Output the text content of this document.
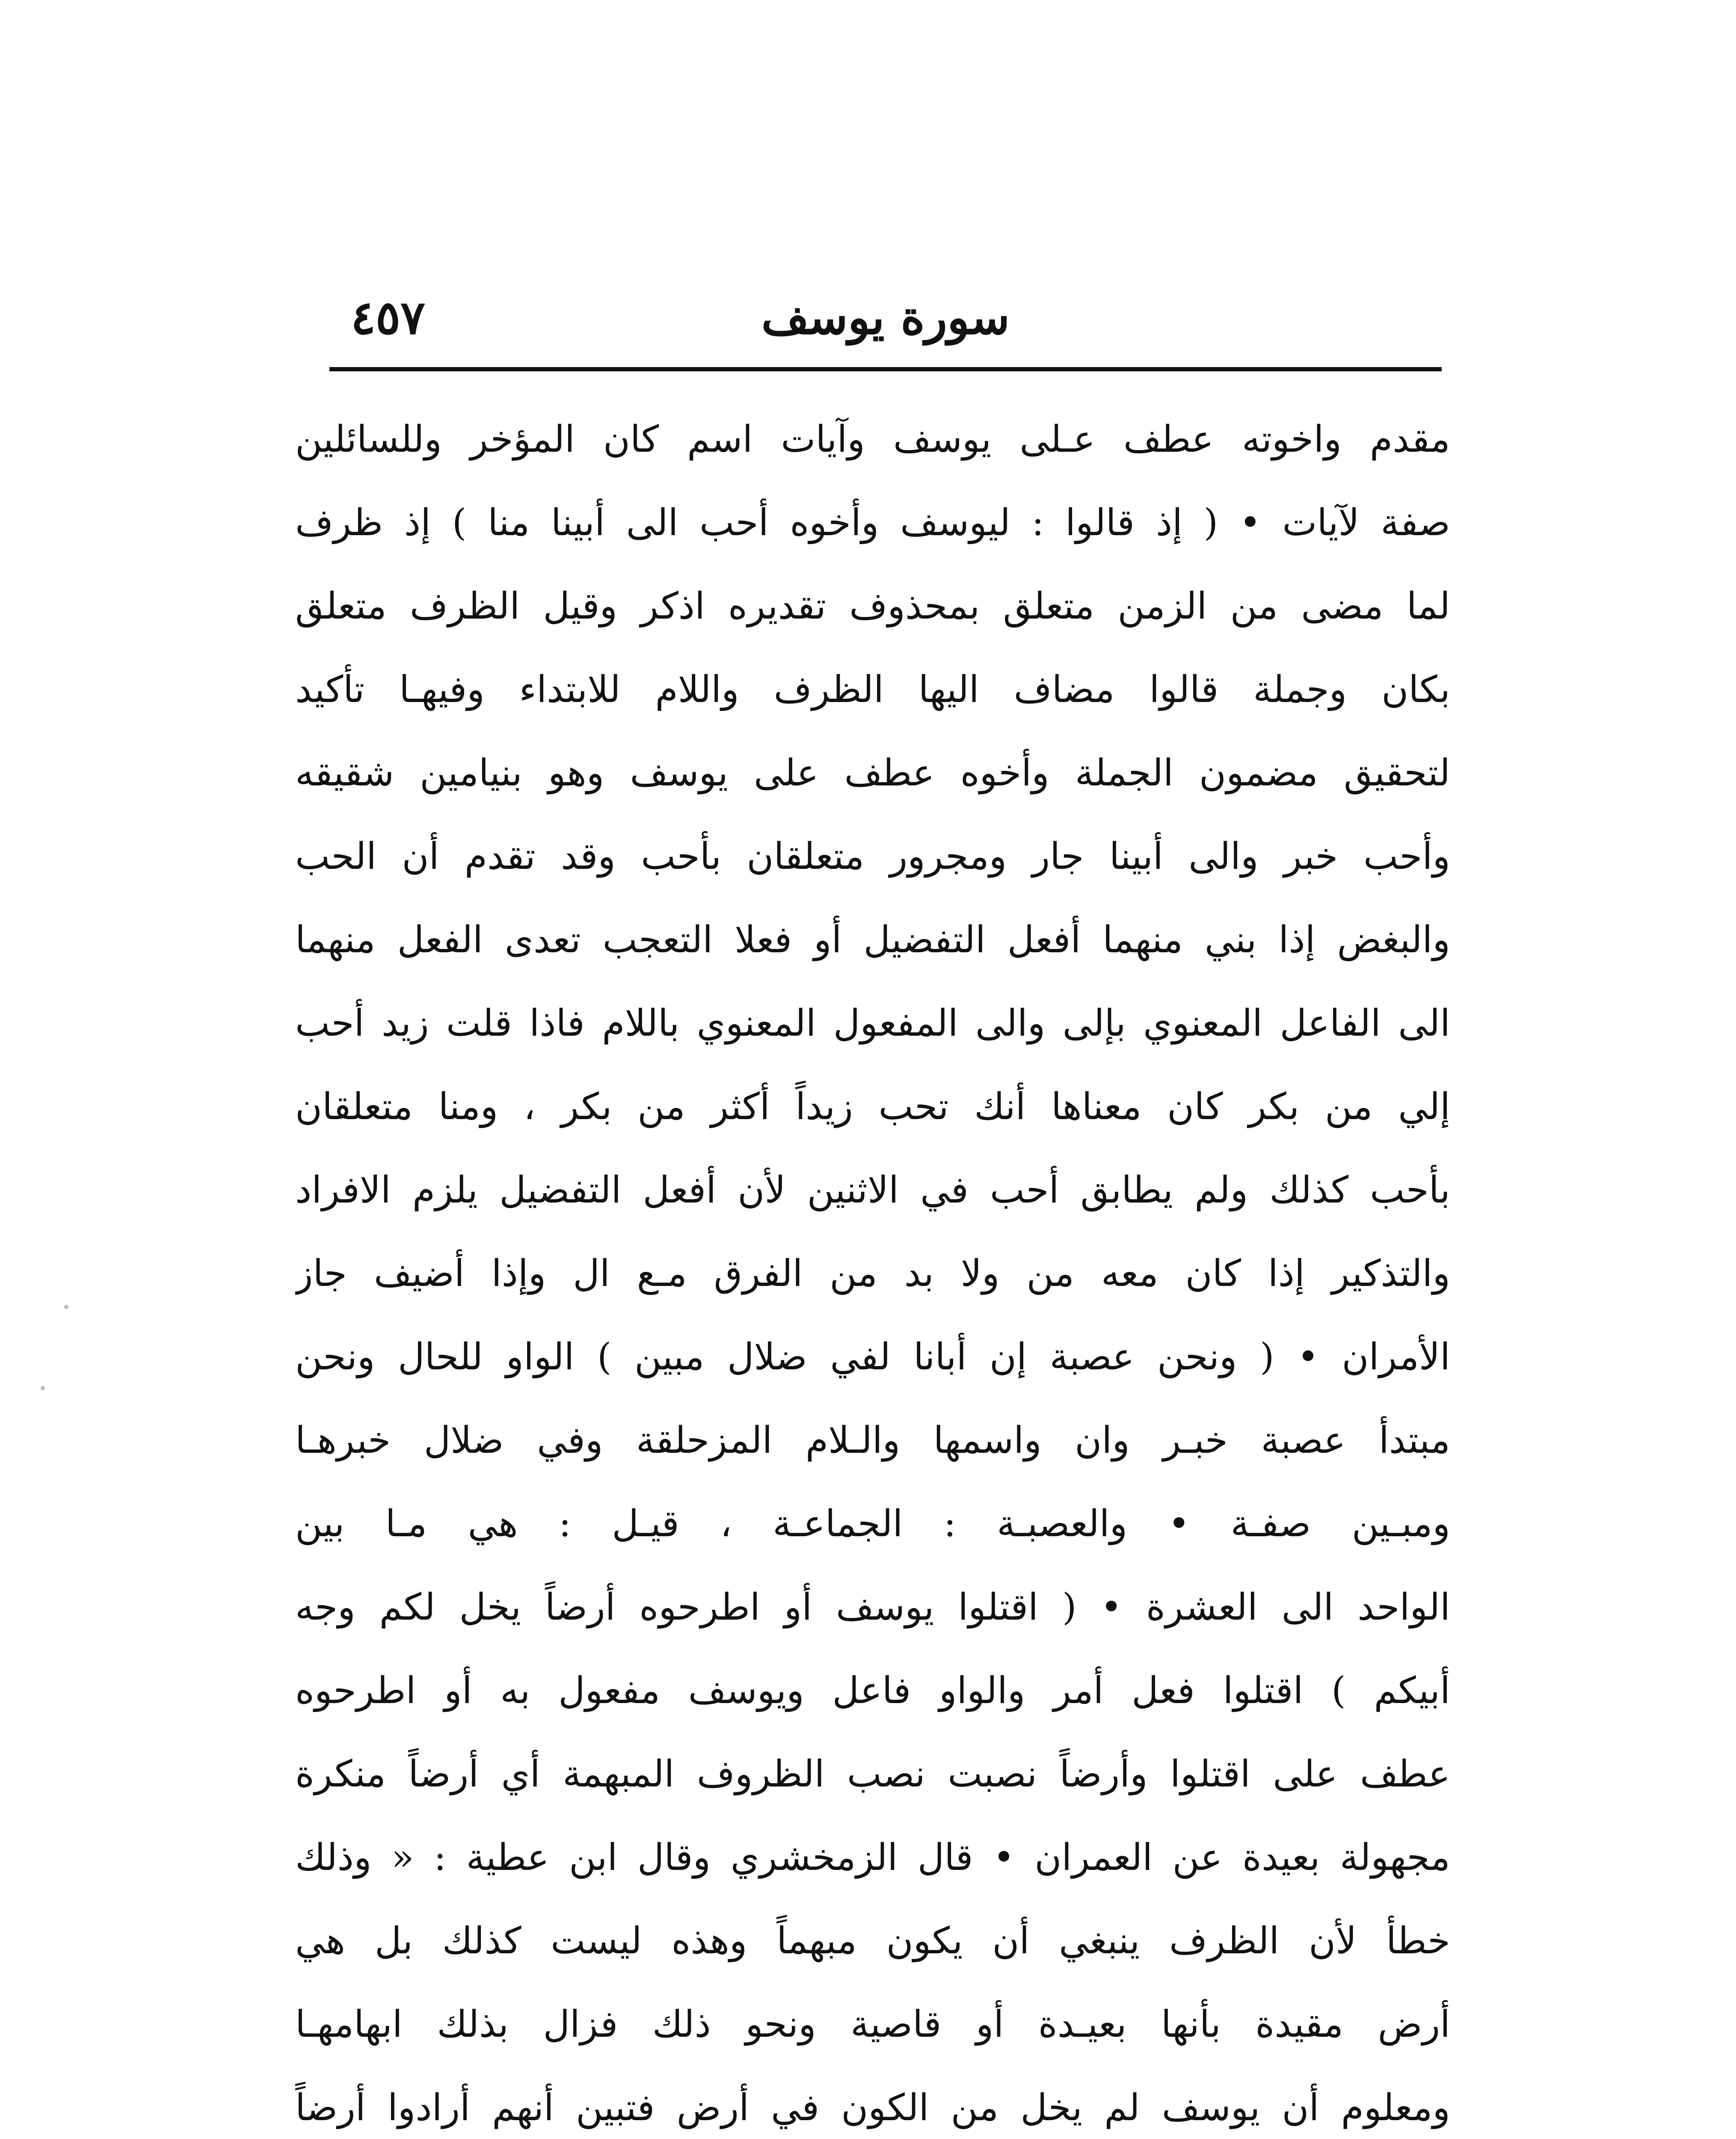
سورة يوسف
٤٥٧
مقدم واخوته عطف عـلى يوسف وآيات اسم كان المؤخر وللسائلين
صفة لآيات • ( إذ قالوا : ليوسف وأخوه أحب الى أبينا منا ) إذ ظرف
لما مضى من الزمن متعلق بمحذوف تقديره اذكر وقيل الظرف متعلق
بكان وجملة قالوا مضاف اليها الظرف واللام للابتداء وفيهـا تأكيد
لتحقيق مضمون الجملة وأخوه عطف على يوسف وهو بنيامين شقيقه
وأحب خبر والى أبينا جار ومجرور متعلقان بأحب وقد تقدم أن الحب
والبغض إذا بني منهما أفعل التفضيل أو فعلا التعجب تعدى الفعل منهما
الى الفاعل المعنوي بإلى والى المفعول المعنوي باللام فاذا قلت زيد أحب
إلي من بكر كان معناها أنك تحب زيداً أكثر من بكر ، ومنا متعلقان
بأحب كذلك ولم يطابق أحب في الاثنين لأن أفعل التفضيل يلزم الافراد
والتذكير إذا كان معه من ولا بد من الفرق مـع ال وإذا أضيف جاز
الأمران • ( ونحن عصبة إن أبانا لفي ضلال مبين ) الواو للحال ونحن
مبتدأ عصبة خبـر وان واسمها والـلام المزحلقة وفي ضلال خبرهـا
ومبـين صفـة • والعصبـة : الجماعـة ، قيـل : هي مـا بين
الواحد الى العشرة • ( اقتلوا يوسف أو اطرحوه أرضاً يخل لكم وجه
أبيكم ) اقتلوا فعل أمر والواو فاعل ويوسف مفعول به أو اطرحوه
عطف على اقتلوا وأرضاً نصبت نصب الظروف المبهمة أي أرضاً منكرة
مجهولة بعيدة عن العمران • قال الزمخشري وقال ابن عطية : « وذلك
خطأ لأن الظرف ينبغي أن يكون مبهماً وهذه ليست كذلك بل هي
أرض مقيدة بأنها بعيـدة أو قاصية ونحو ذلك فزال بذلك ابهامهـا
ومعلوم أن يوسف لم يخل من الكون في أرض فتبين أنهم أرادوا أرضاً
